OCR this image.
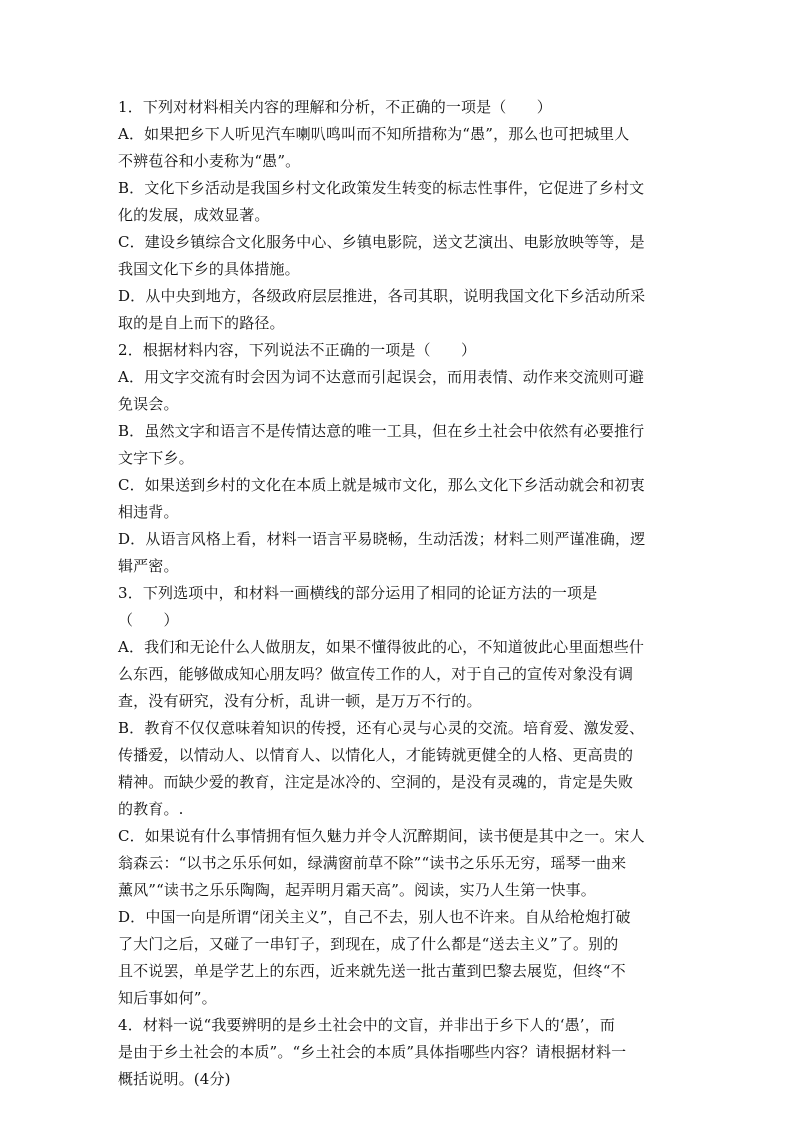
1．下列对材料相关内容的理解和分析，不正确的一项是（　　）
A．如果把乡下人听见汽车喇叭鸣叫而不知所措称为“愚”，那么也可把城里人
不辨苞谷和小麦称为“愚”。
B．文化下乡活动是我国乡村文化政策发生转变的标志性事件，它促进了乡村文
化的发展，成效显著。
C．建设乡镇综合文化服务中心、乡镇电影院，送文艺演出、电影放映等等，是
我国文化下乡的具体措施。
D．从中央到地方，各级政府层层推进，各司其职，说明我国文化下乡活动所采
取的是自上而下的路径。
2．根据材料内容，下列说法不正确的一项是（　　）
A．用文字交流有时会因为词不达意而引起误会，而用表情、动作来交流则可避
免误会。
B．虽然文字和语言不是传情达意的唯一工具，但在乡土社会中依然有必要推行
文字下乡。
C．如果送到乡村的文化在本质上就是城市文化，那么文化下乡活动就会和初衷
相违背。
D．从语言风格上看，材料一语言平易晓畅，生动活泼；材料二则严谨准确，逻
辑严密。
3．下列选项中，和材料一画横线的部分运用了相同的论证方法的一项是
（　　）
A．我们和无论什么人做朋友，如果不懂得彼此的心，不知道彼此心里面想些什
么东西，能够做成知心朋友吗？做宣传工作的人，对于自己的宣传对象没有调
查，没有研究，没有分析，乱讲一顿，是万万不行的。
B．教育不仅仅意味着知识的传授，还有心灵与心灵的交流。培育爱、激发爱、
传播爱，以情动人、以情育人、以情化人，才能铸就更健全的人格、更高贵的
精神。而缺少爱的教育，注定是冰冷的、空洞的，是没有灵魂的，肯定是失败
的教育。.
C．如果说有什么事情拥有恒久魅力并令人沉醉期间，读书便是其中之一。宋人
翁森云：“以书之乐乐何如，绿满窗前草不除”“读书之乐乐无穷，瑶琴一曲来
薰风”“读书之乐乐陶陶，起弄明月霜天高”。阅读，实乃人生第一快事。
D．中国一向是所谓“闭关主义”，自己不去，别人也不许来。自从给枪炮打破
了大门之后，又碰了一串钉子，到现在，成了什么都是“送去主义”了。别的
且不说罢，单是学艺上的东西，近来就先送一批古董到巴黎去展览，但终“不
知后事如何”。
4．材料一说“我要辨明的是乡土社会中的文盲，并非出于乡下人的‘愚’，而
是由于乡土社会的本质”。“乡土社会的本质”具体指哪些内容？请根据材料一
概括说明。(4分)
